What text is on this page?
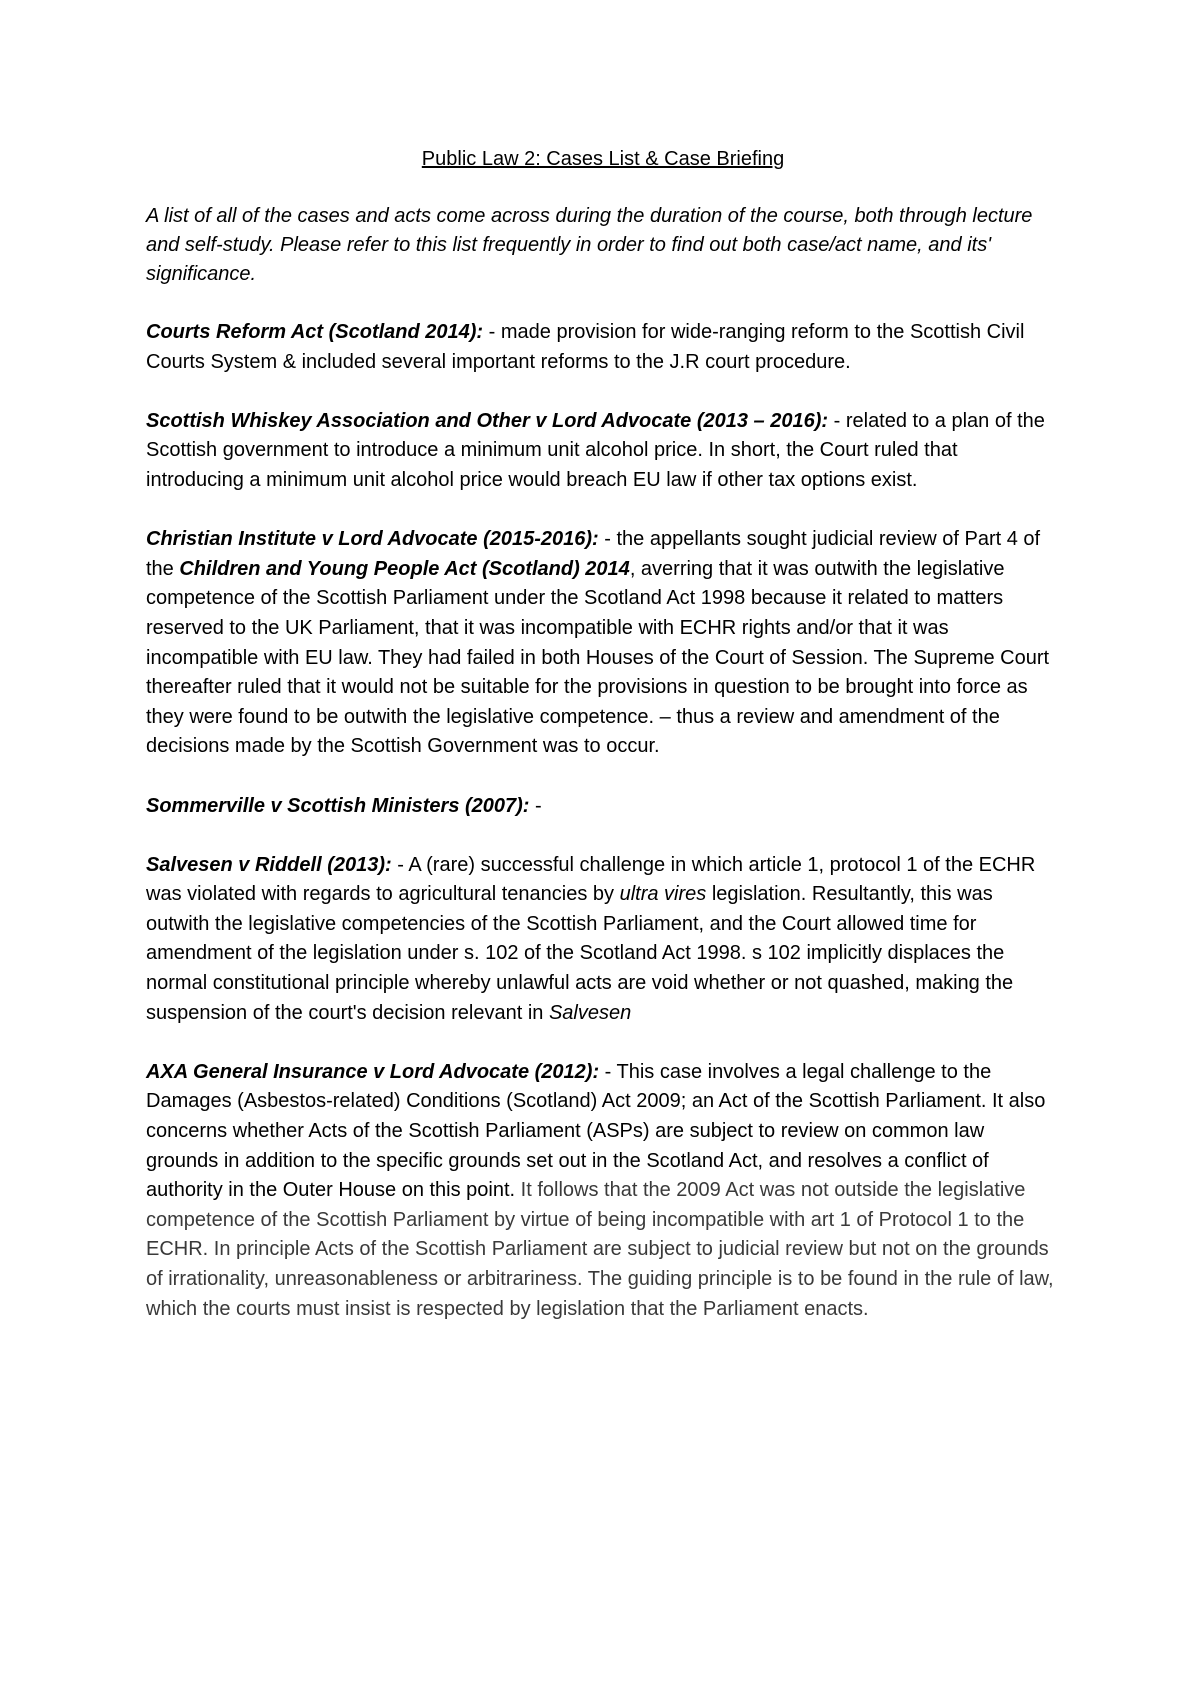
Public Law 2: Cases List & Case Briefing

A list of all of the cases and acts come across during the duration of the course, both through lecture and self-study. Please refer to this list frequently in order to find out both case/act name, and its' significance.

Courts Reform Act (Scotland 2014): - made provision for wide-ranging reform to the Scottish Civil Courts System & included several important reforms to the J.R court procedure.

Scottish Whiskey Association and Other v Lord Advocate (2013 – 2016): - related to a plan of the Scottish government to introduce a minimum unit alcohol price. In short, the Court ruled that introducing a minimum unit alcohol price would breach EU law if other tax options exist.

Christian Institute v Lord Advocate (2015-2016): - the appellants sought judicial review of Part 4 of the Children and Young People Act (Scotland) 2014, averring that it was outwith the legislative competence of the Scottish Parliament under the Scotland Act 1998 because it related to matters reserved to the UK Parliament, that it was incompatible with ECHR rights and/or that it was incompatible with EU law. They had failed in both Houses of the Court of Session. The Supreme Court thereafter ruled that it would not be suitable for the provisions in question to be brought into force as they were found to be outwith the legislative competence. – thus a review and amendment of the decisions made by the Scottish Government was to occur.

Sommerville v Scottish Ministers (2007): -

Salvesen v Riddell (2013): - A (rare) successful challenge in which article 1, protocol 1 of the ECHR was violated with regards to agricultural tenancies by ultra vires legislation. Resultantly, this was outwith the legislative competencies of the Scottish Parliament, and the Court allowed time for amendment of the legislation under s. 102 of the Scotland Act 1998. s 102 implicitly displaces the normal constitutional principle whereby unlawful acts are void whether or not quashed, making the suspension of the court's decision relevant in Salvesen

AXA General Insurance v Lord Advocate (2012): - This case involves a legal challenge to the Damages (Asbestos-related) Conditions (Scotland) Act 2009; an Act of the Scottish Parliament. It also concerns whether Acts of the Scottish Parliament (ASPs) are subject to review on common law grounds in addition to the specific grounds set out in the Scotland Act, and resolves a conflict of authority in the Outer House on this point. It follows that the 2009 Act was not outside the legislative competence of the Scottish Parliament by virtue of being incompatible with art 1 of Protocol 1 to the ECHR. In principle Acts of the Scottish Parliament are subject to judicial review but not on the grounds of irrationality, unreasonableness or arbitrariness. The guiding principle is to be found in the rule of law, which the courts must insist is respected by legislation that the Parliament enacts.
